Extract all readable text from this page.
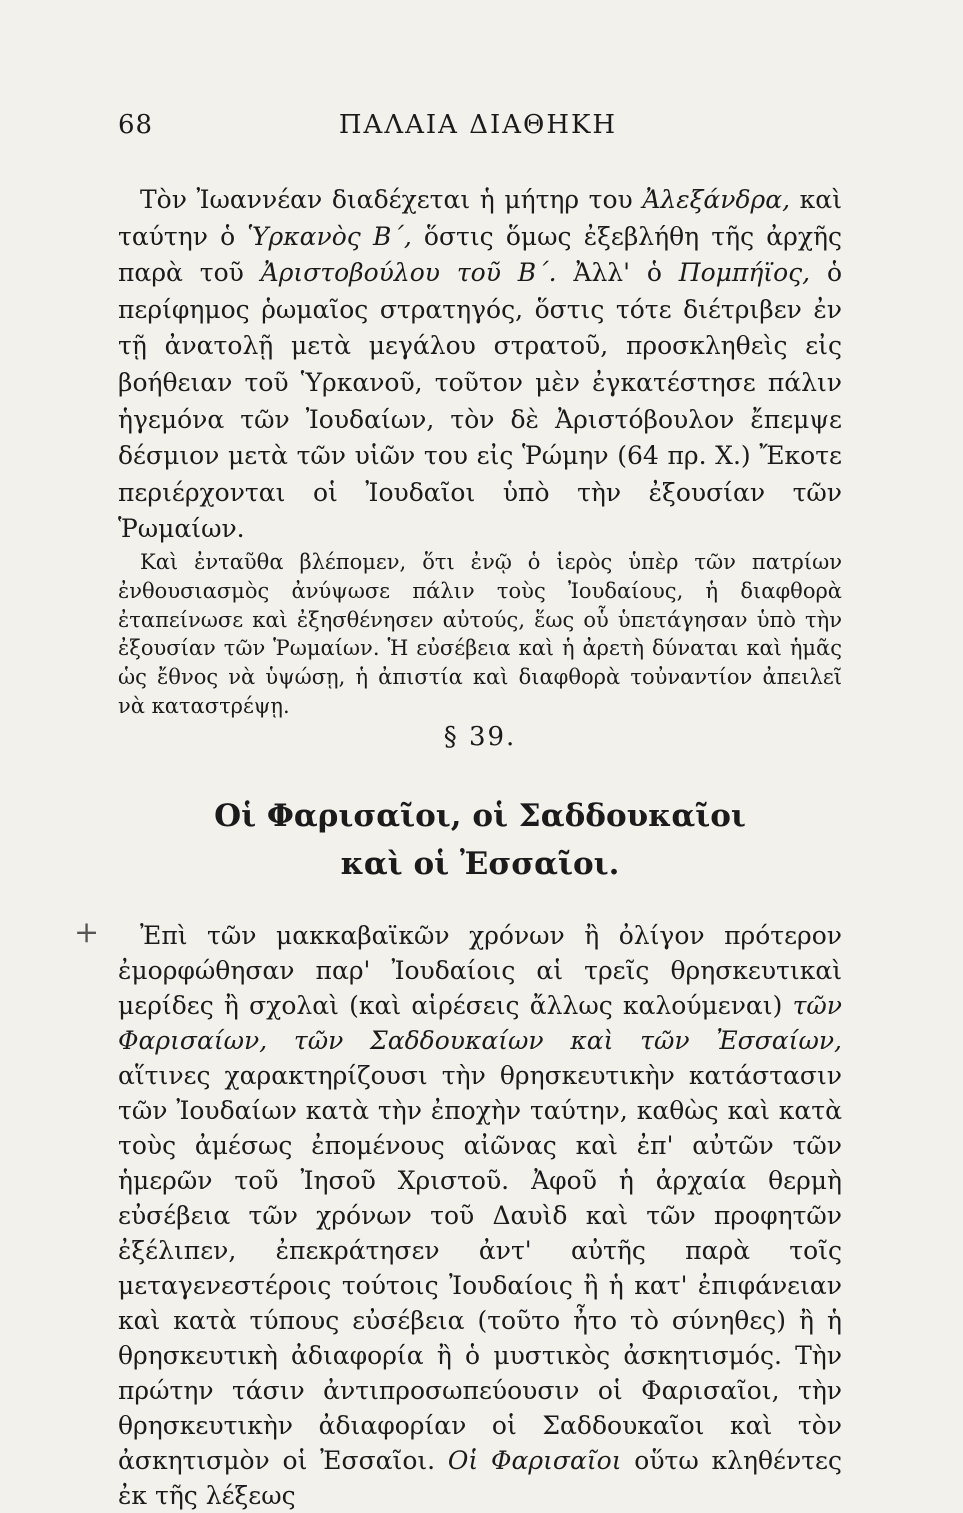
68	ΠΑΛΑΙΑ ΔΙΑΘΗΚΗ

Τὸν Ἰωαννέαν διαδέχεται ἡ μήτηρ του Ἀλεξάνδρα, καὶ ταύτην ὁ Ὑρκανὸς Β΄, ὅστις ὅμως ἐξεβλήθη τῆς ἀρχῆς παρὰ τοῦ Ἀριστοβούλου τοῦ Β΄. Ἀλλ' ὁ Πομπήϊος, ὁ περίφημος ῥωμαῖος στρατηγός, ὅστις τότε διέτριβεν ἐν τῇ ἀνατολῇ μετὰ μεγάλου στρατοῦ, προσκληθεὶς εἰς βοήθειαν τοῦ Ὑρκανοῦ, τοῦτον μὲν ἐγκατέστησε πάλιν ἡγεμόνα τῶν Ἰουδαίων, τὸν δὲ Ἀριστόβουλον ἔπεμψε δέσμιον μετὰ τῶν υἱῶν του εἰς Ῥώμην (64 πρ. Χ.) Ἔκοτε περιέρχονται οἱ Ἰουδαῖοι ὑπὸ τὴν ἐξουσίαν τῶν Ῥωμαίων.

Καὶ ἐνταῦθα βλέπομεν, ὅτι ἐνῷ ὁ ἱερὸς ὑπὲρ τῶν πατρίων ἐνθουσιασμὸς ἀνύψωσε πάλιν τοὺς Ἰουδαίους, ἡ διαφθορὰ ἐταπείνωσε καὶ ἐξησθένησεν αὐτούς, ἕως οὗ ὑπετάγησαν ὑπὸ τὴν ἐξουσίαν τῶν Ῥωμαίων. Ἡ εὐσέβεια καὶ ἡ ἀρετὴ δύναται καὶ ἡμᾶς ὡς ἔθνος νὰ ὑψώσῃ, ἡ ἀπιστία καὶ διαφθορὰ τοὐναντίον ἀπειλεῖ νὰ καταστρέψῃ.

§ 39.
Οἱ Φαρισαῖοι, οἱ Σαδδουκαῖοι
καὶ οἱ Ἐσσαῖοι.
+	Ἐπὶ τῶν μακκαβαϊκῶν χρόνων ἢ ὀλίγον πρότερον ἐμορφώθησαν παρ' Ἰουδαίοις αἱ τρεῖς θρησκευτικαὶ μερίδες ἢ σχολαὶ (καὶ αἱρέσεις ἄλλως καλούμεναι) τῶν Φαρισαίων, τῶν Σαδδουκαίων καὶ τῶν Ἐσσαίων, αἵτινες χαρακτηρίζουσι τὴν θρησκευτικὴν κατάστασιν τῶν Ἰουδαίων κατὰ τὴν ἐποχὴν ταύτην, καθὼς καὶ κατὰ τοὺς ἀμέσως ἐπομένους αἰῶνας καὶ ἐπ' αὐτῶν τῶν ἡμερῶν τοῦ Ἰησοῦ Χριστοῦ. Ἀφοῦ ἡ ἀρχαία θερμὴ εὐσέβεια τῶν χρόνων τοῦ Δαυὶδ καὶ τῶν προφητῶν ἐξέλιπεν, ἐπεκράτησεν ἀντ' αὐτῆς παρὰ τοῖς μεταγενεστέροις τούτοις Ἰουδαίοις ἢ ἡ κατ' ἐπιφάνειαν καὶ κατὰ τύπους εὐσέβεια (τοῦτο ἦτο τὸ σύνηθες) ἢ ἡ θρησκευτικὴ ἀδιαφορία ἢ ὁ μυστικὸς ἀσκητισμός. Τὴν πρώτην τάσιν ἀντιπροσωπεύουσιν οἱ Φαρισαῖοι, τὴν θρησκευτικὴν ἀδιαφορίαν οἱ Σαδδουκαῖοι καὶ τὸν ἀσκητισμὸν οἱ Ἐσσαῖοι. Οἱ Φαρισαῖοι οὕτω κληθέντες ἐκ τῆς λέξεως
